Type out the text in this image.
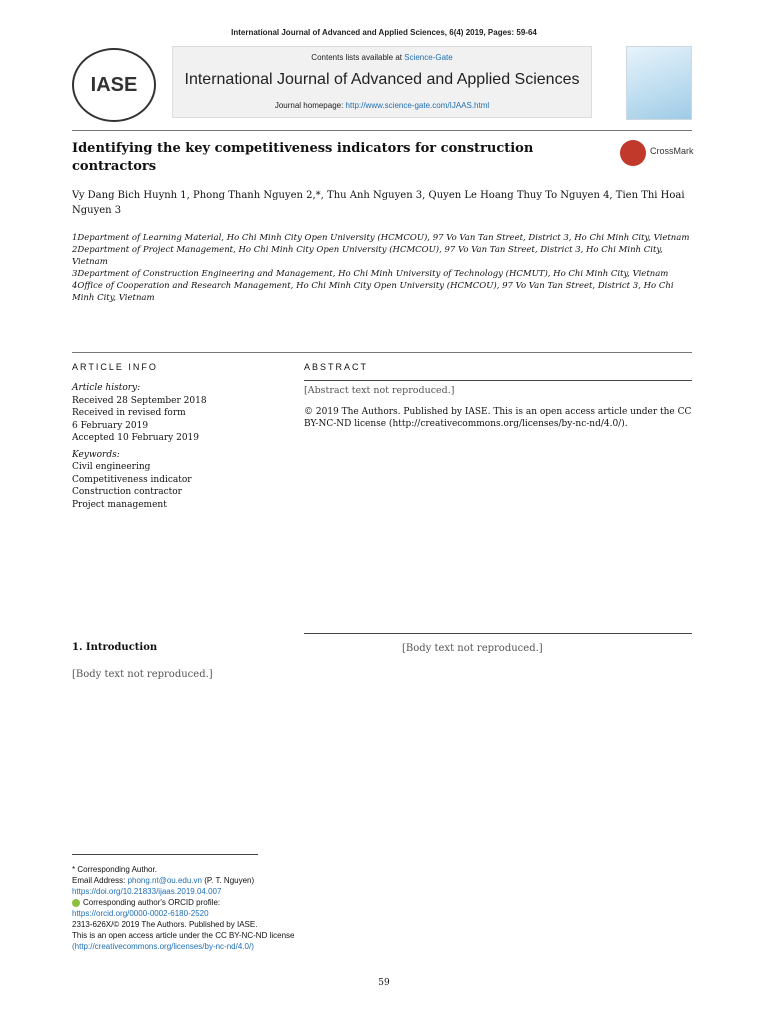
International Journal of Advanced and Applied Sciences, 6(4) 2019, Pages: 59-64
IASE
Contents lists available at Science-Gate
International Journal of Advanced and Applied Sciences
Journal homepage: http://www.science-gate.com/IJAAS.html
Identifying the key competitiveness indicators for construction contractors
CrossMark
Vy Dang Bich Huynh 1, Phong Thanh Nguyen 2,*, Thu Anh Nguyen 3, Quyen Le Hoang Thuy To Nguyen 4, Tien Thi Hoai Nguyen 3
1Department of Learning Material, Ho Chi Minh City Open University (HCMCOU), 97 Vo Van Tan Street, District 3, Ho Chi Minh City, Vietnam
2Department of Project Management, Ho Chi Minh City Open University (HCMCOU), 97 Vo Van Tan Street, District 3, Ho Chi Minh City, Vietnam
3Department of Construction Engineering and Management, Ho Chi Minh University of Technology (HCMUT), Ho Chi Minh City, Vietnam
4Office of Cooperation and Research Management, Ho Chi Minh City Open University (HCMCOU), 97 Vo Van Tan Street, District 3, Ho Chi Minh City, Vietnam
ARTICLE INFO	ABSTRACT
Article history:
Received 28 September 2018
Received in revised form
6 February 2019
Accepted 10 February 2019
Keywords:
Civil engineering
Competitiveness indicator
Construction contractor
Project management
[Abstract text not reproduced.]
© 2019 The Authors. Published by IASE. This is an open access article under the CC BY-NC-ND license (http://creativecommons.org/licenses/by-nc-nd/4.0/).
1. Introduction
[Body text not reproduced.]
[Body text not reproduced.]
* Corresponding Author.
Email Address: phong.nt@ou.edu.vn (P. T. Nguyen)
https://doi.org/10.21833/ijaas.2019.04.007
Corresponding author's ORCID profile:
https://orcid.org/0000-0002-6180-2520
2313-626X/© 2019 The Authors. Published by IASE.
This is an open access article under the CC BY-NC-ND license
(http://creativecommons.org/licenses/by-nc-nd/4.0/)
59
